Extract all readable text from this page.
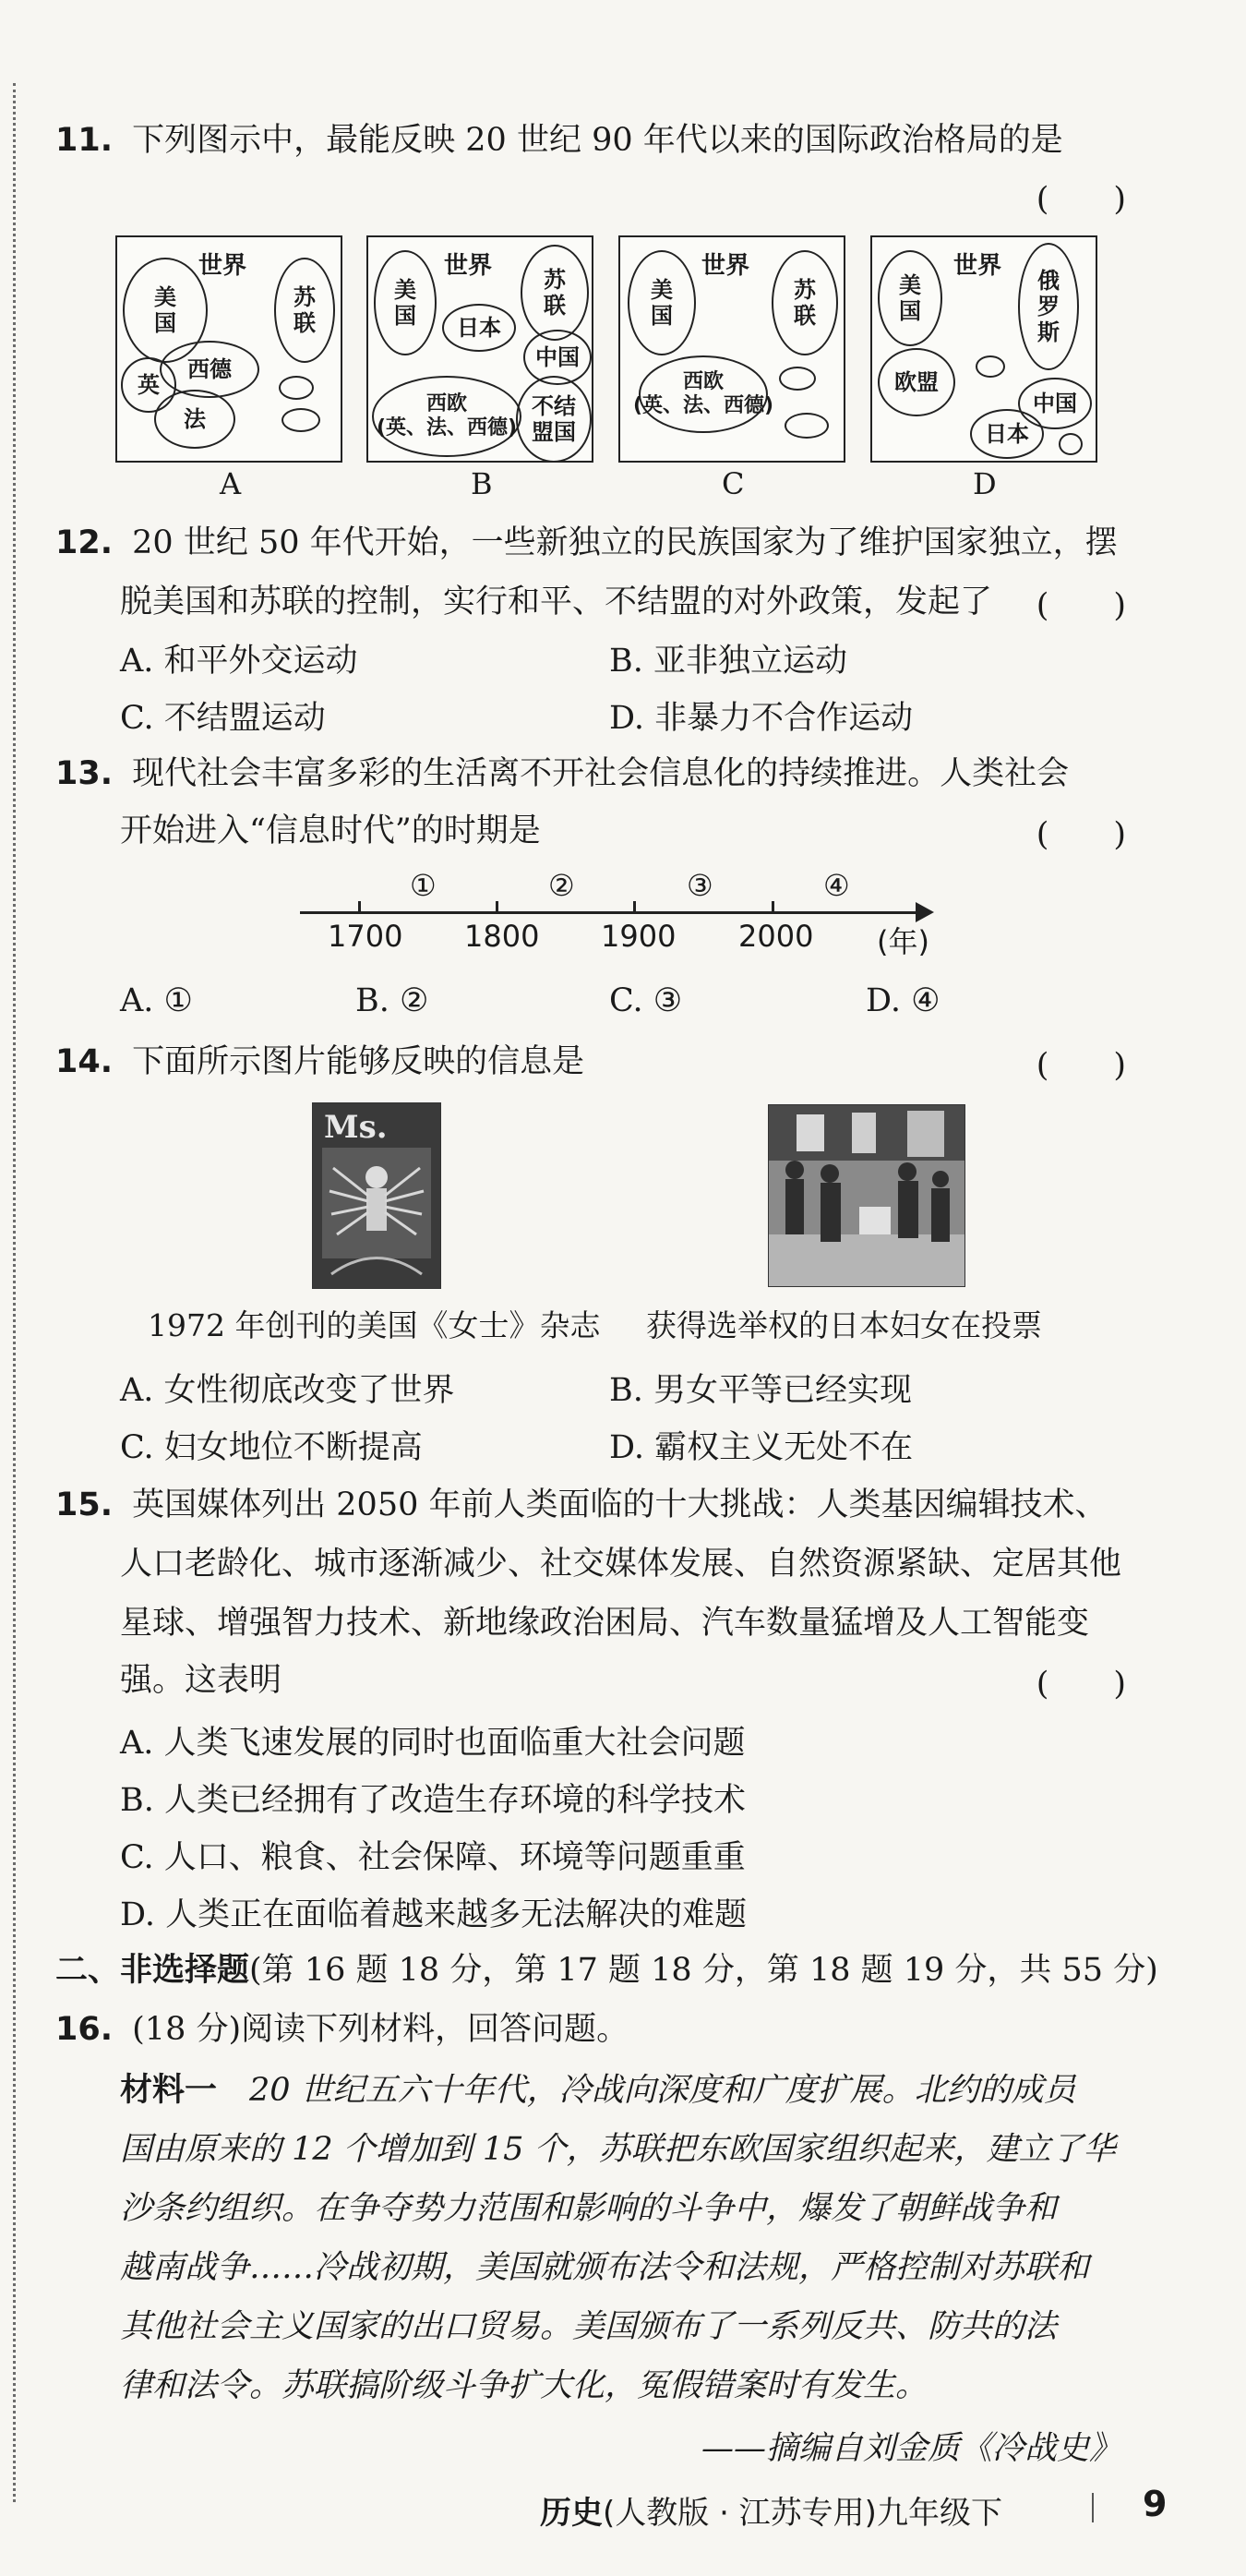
11. 下列图示中，最能反映 20 世纪 90 年代以来的国际政治格局的是
(　　)
世界
美
国
苏
联
英
西德
法
A
世界
美
国
苏
联
日本
中国
西欧
(英、法、西德)
不结
盟国
B
世界
美
国
苏
联
西欧
(英、法、西德)
C
世界
美
国
俄
罗
斯
欧盟
中国
日本
D
12. 20 世纪 50 年代开始，一些新独立的民族国家为了维护国家独立，摆
脱美国和苏联的控制，实行和平、不结盟的对外政策，发起了 (　　)
A. 和平外交运动	B. 亚非独立运动
C. 不结盟运动	D. 非暴力不合作运动
13. 现代社会丰富多彩的生活离不开社会信息化的持续推进。人类社会
开始进入“信息时代”的时期是	(　　)
1700 1800 1900 2000 (年)
①	②	③	④
A. ①	B. ②	C. ③	D. ④
14. 下面所示图片能够反映的信息是	(　　)
Ms.
1972 年创刊的美国《女士》杂志 获得选举权的日本妇女在投票
A. 女性彻底改变了世界	B. 男女平等已经实现
C. 妇女地位不断提高	D. 霸权主义无处不在
15. 英国媒体列出 2050 年前人类面临的十大挑战：人类基因编辑技术、
人口老龄化、城市逐渐减少、社交媒体发展、自然资源紧缺、定居其他
星球、增强智力技术、新地缘政治困局、汽车数量猛增及人工智能变
强。这表明	(　　)
A. 人类飞速发展的同时也面临重大社会问题
B. 人类已经拥有了改造生存环境的科学技术
C. 人口、粮食、社会保障、环境等问题重重
D. 人类正在面临着越来越多无法解决的难题
二、非选择题(第 16 题 18 分，第 17 题 18 分，第 18 题 19 分，共 55 分)
16. (18 分)阅读下列材料，回答问题。
材料一　20 世纪五六十年代，冷战向深度和广度扩展。北约的成员
国由原来的 12 个增加到 15 个，苏联把东欧国家组织起来，建立了华
沙条约组织。在争夺势力范围和影响的斗争中，爆发了朝鲜战争和
越南战争……冷战初期，美国就颁布法令和法规，严格控制对苏联和
其他社会主义国家的出口贸易。美国颁布了一系列反共、防共的法
律和法令。苏联搞阶级斗争扩大化，冤假错案时有发生。
——摘编自刘金质《冷战史》
历史(人教版 · 江苏专用)九年级下	9
